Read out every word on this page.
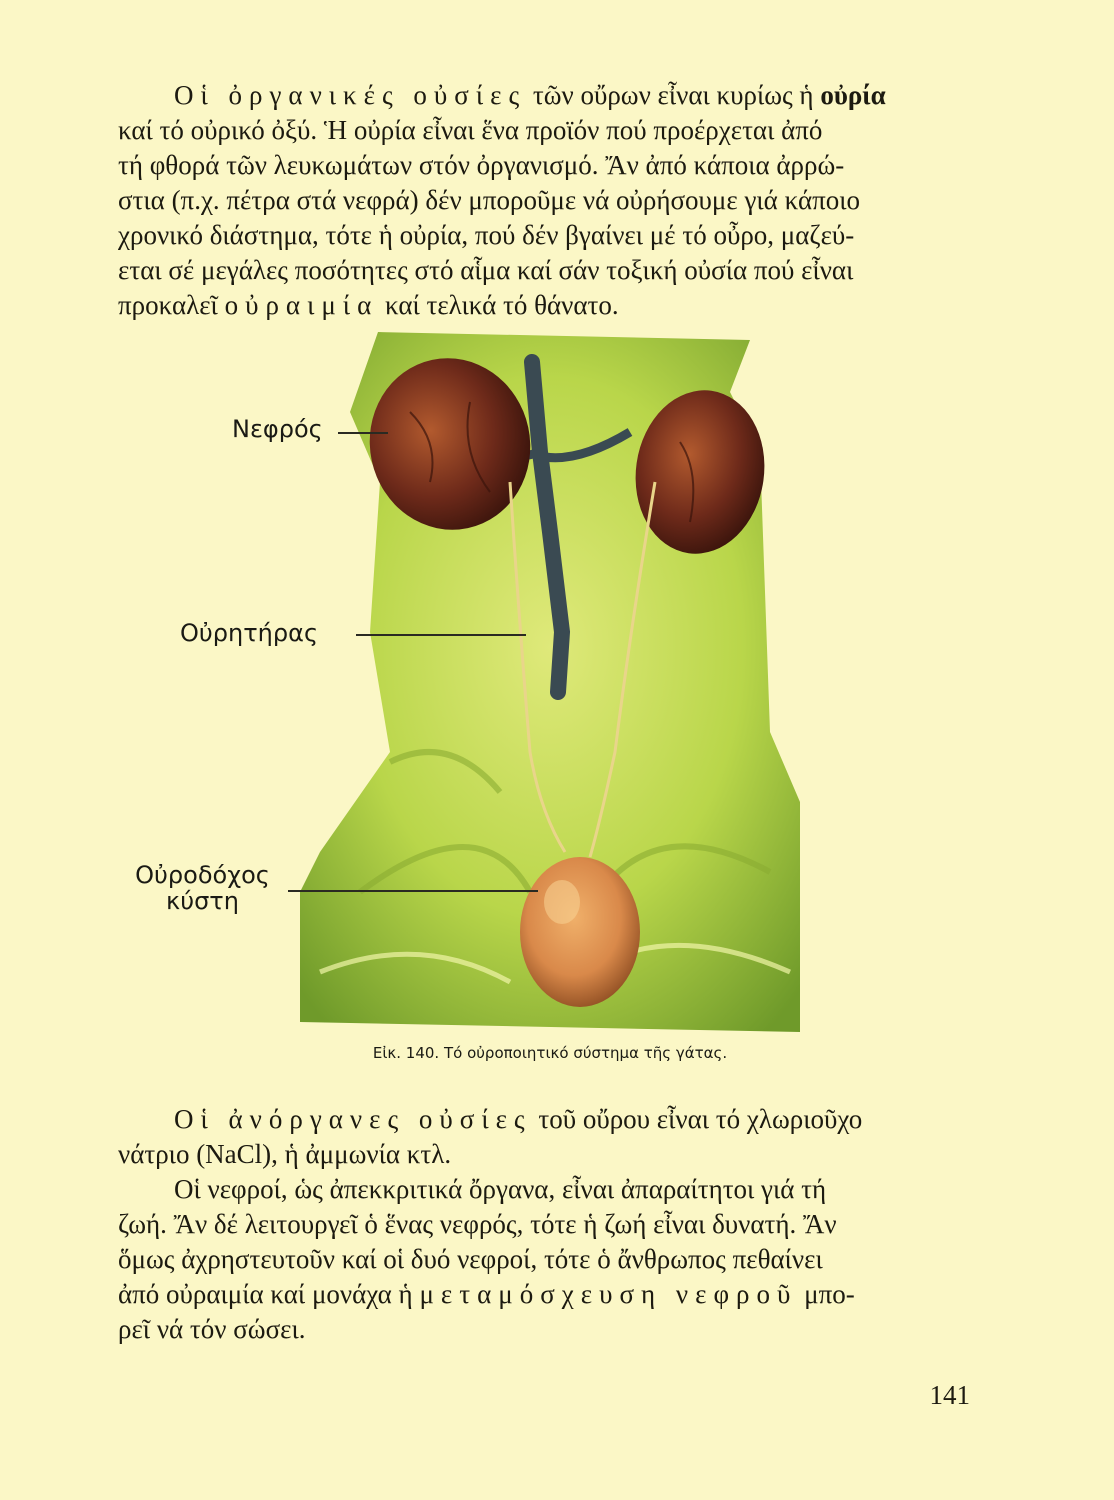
Οἱ ὀργανικές οὐσίες τῶν οὔρων εἶναι κυρίως ἡ οὐρία
καί τό οὐρικό ὀξύ. Ἡ οὐρία εἶναι ἕνα προϊόν πού προέρχεται ἀπό
τή φθορά τῶν λευκωμάτων στόν ὀργανισμό. Ἄν ἀπό κάποια ἀρρώ-
στια (π.χ. πέτρα στά νεφρά) δέν μποροῦμε νά οὐρήσουμε γιά κάποιο
χρονικό διάστημα, τότε ἡ οὐρία, πού δέν βγαίνει μέ τό οὖρο, μαζεύ-
εται σέ μεγάλες ποσότητες στό αἷμα καί σάν τοξική οὐσία πού εἶναι
προκαλεῖ οὐραιμία καί τελικά τό θάνατο.
Νεφρός
Οὐρητήρας
Οὐροδόχος
κύστη
Εἰκ. 140. Τό οὐροποιητικό σύστημα τῆς γάτας.
Οἱ ἀνόργανες οὐσίες τοῦ οὔρου εἶναι τό χλωριοῦχο
νάτριο (NaCl), ἡ ἀμμωνία κτλ.
Οἱ νεφροί, ὡς ἀπεκκριτικά ὄργανα, εἶναι ἀπαραίτητοι γιά τή
ζωή. Ἄν δέ λειτουργεῖ ὁ ἕνας νεφρός, τότε ἡ ζωή εἶναι δυνατή. Ἄν
ὅμως ἀχρηστευτοῦν καί οἱ δυό νεφροί, τότε ὁ ἄνθρωπος πεθαίνει
ἀπό οὐραιμία καί μονάχα ἡ μεταμόσχευση νεφροῦ μπο-
ρεῖ νά τόν σώσει.
141
